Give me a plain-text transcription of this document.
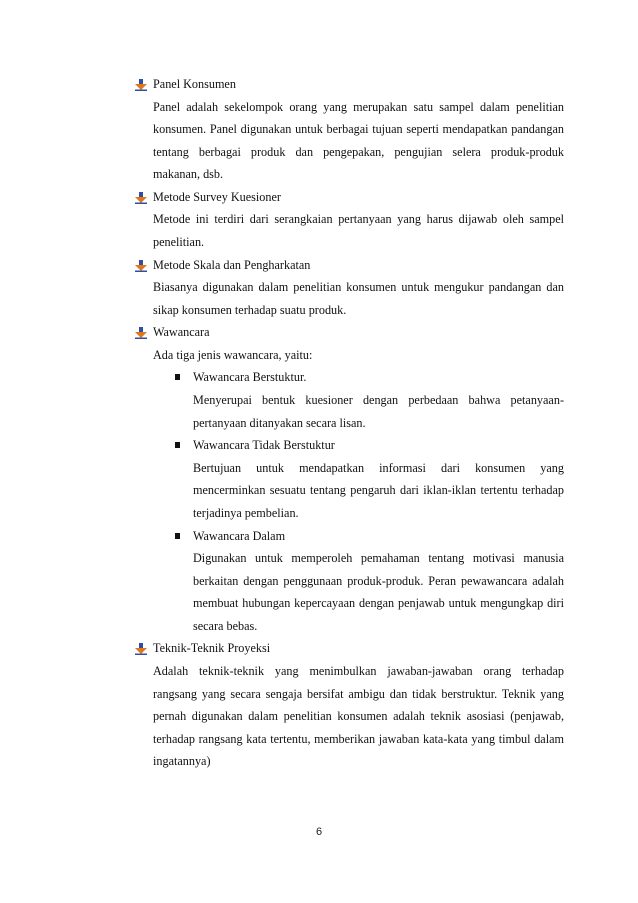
Panel Konsumen
Panel adalah sekelompok orang yang merupakan satu sampel dalam penelitian konsumen. Panel digunakan untuk berbagai tujuan seperti mendapatkan pandangan tentang berbagai produk dan pengepakan, pengujian selera produk-produk makanan, dsb.
Metode Survey Kuesioner
Metode ini terdiri dari serangkaian pertanyaan yang harus dijawab oleh sampel penelitian.
Metode Skala dan Pengharkatan
Biasanya digunakan dalam penelitian konsumen untuk mengukur pandangan dan sikap konsumen terhadap suatu produk.
Wawancara
Ada tiga jenis wawancara, yaitu:
Wawancara Berstuktur.
Menyerupai bentuk kuesioner dengan perbedaan bahwa petanyaan-pertanyaan ditanyakan secara lisan.
Wawancara Tidak Berstuktur
Bertujuan untuk mendapatkan informasi dari konsumen yang mencerminkan sesuatu tentang pengaruh dari iklan-iklan tertentu terhadap terjadinya pembelian.
Wawancara Dalam
Digunakan untuk memperoleh pemahaman tentang motivasi manusia berkaitan dengan penggunaan produk-produk. Peran pewawancara adalah membuat hubungan kepercayaan dengan penjawab untuk mengungkap diri secara bebas.
Teknik-Teknik Proyeksi
Adalah teknik-teknik yang menimbulkan jawaban-jawaban orang terhadap rangsang yang secara sengaja bersifat ambigu dan tidak berstruktur. Teknik yang pernah digunakan dalam penelitian konsumen adalah teknik asosiasi (penjawab, terhadap rangsang kata tertentu, memberikan jawaban kata-kata yang timbul dalam ingatannya)
6
